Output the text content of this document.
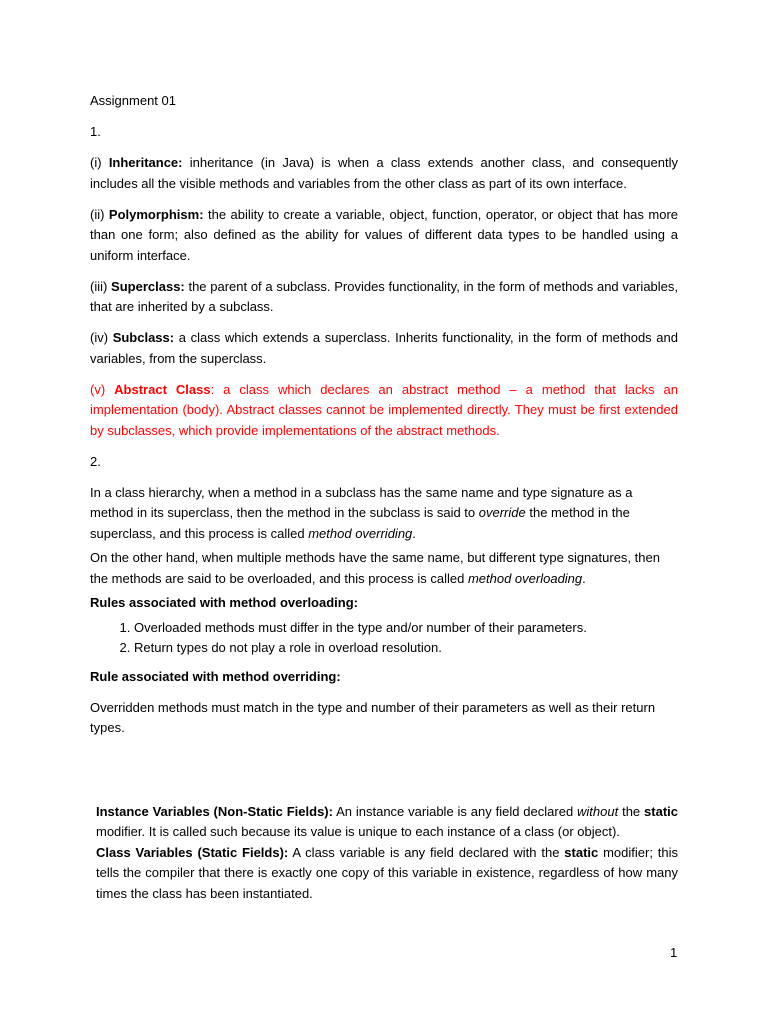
Assignment 01
1.
(i) Inheritance: inheritance (in Java) is when a class extends another class, and consequently includes all the visible methods and variables from the other class as part of its own interface.
(ii) Polymorphism: the ability to create a variable, object, function, operator, or object that has more than one form; also defined as the ability for values of different data types to be handled using a uniform interface.
(iii) Superclass: the parent of a subclass. Provides functionality, in the form of methods and variables, that are inherited by a subclass.
(iv) Subclass: a class which extends a superclass. Inherits functionality, in the form of methods and variables, from the superclass.
(v) Abstract Class: a class which declares an abstract method – a method that lacks an implementation (body). Abstract classes cannot be implemented directly. They must be first extended by subclasses, which provide implementations of the abstract methods.
2.
In a class hierarchy, when a method in a subclass has the same name and type signature as a method in its superclass, then the method in the subclass is said to override the method in the superclass, and this process is called method overriding.
On the other hand, when multiple methods have the same name, but different type signatures, then the methods are said to be overloaded, and this process is called method overloading.
Rules associated with method overloading:
1. Overloaded methods must differ in the type and/or number of their parameters.
2. Return types do not play a role in overload resolution.
Rule associated with method overriding:
Overridden methods must match in the type and number of their parameters as well as their return types.
Instance Variables (Non-Static Fields): An instance variable is any field declared without the static modifier. It is called such because its value is unique to each instance of a class (or object).
Class Variables (Static Fields): A class variable is any field declared with the static modifier; this tells the compiler that there is exactly one copy of this variable in existence, regardless of how many times the class has been instantiated.
1
